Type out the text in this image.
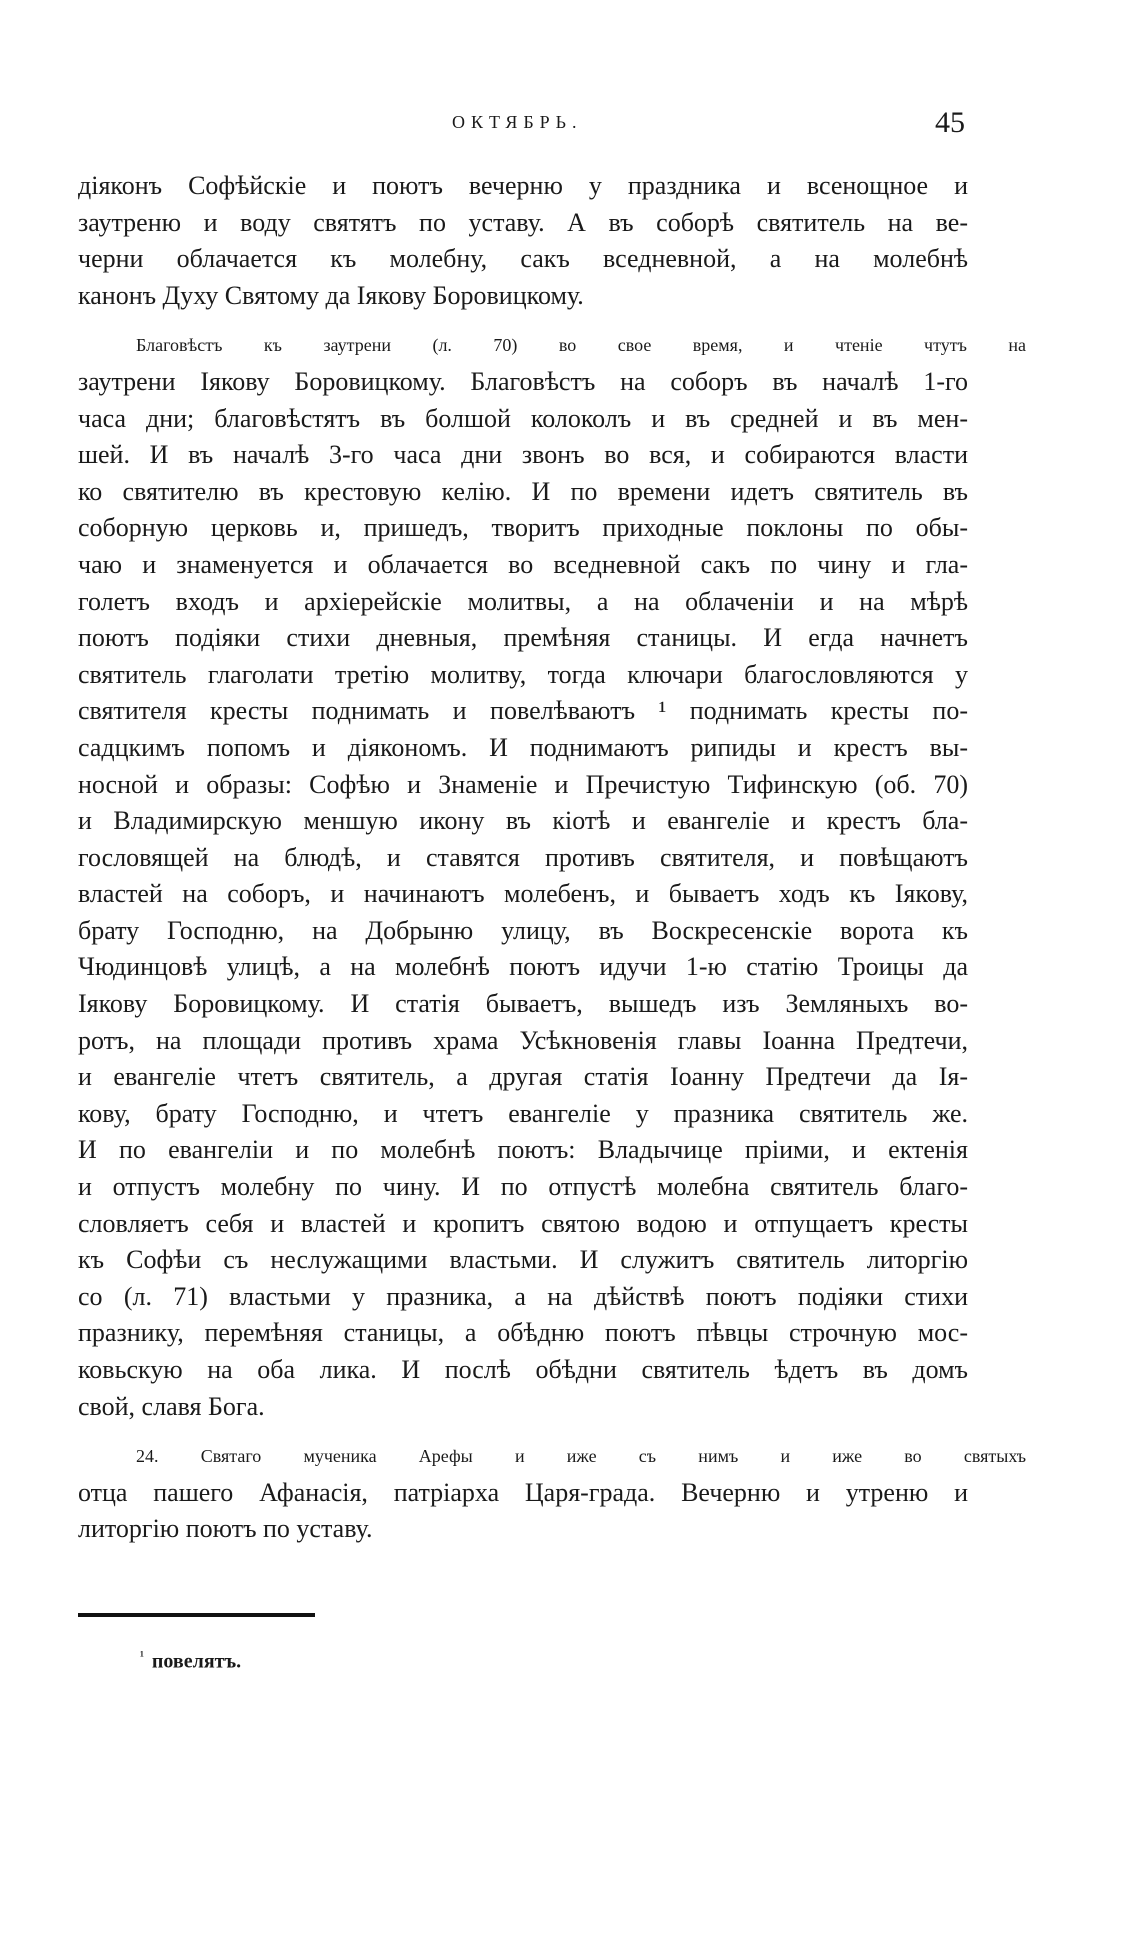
ОКТЯБРЬ.	45
діяконъ Софѣйскіе и поютъ вечерню у праздника и всенощное и
заутреню и воду святятъ по уставу. А въ соборѣ святитель на ве-
черни облачается къ молебну, сакъ вседневной, а на молебнѣ
канонъ Духу Святому да Іякову Боровицкому.
Благовѣстъ къ заутрени (л. 70) во свое время, и чтеніе чтутъ на
заутрени Іякову Боровицкому. Благовѣстъ на соборъ въ началѣ 1-го
часа дни; благовѣстятъ въ болшой колоколъ и въ средней и въ мен-
шей. И въ началѣ 3-го часа дни звонъ во вся, и собираются власти
ко святителю въ крестовую келію. И по времени идетъ святитель въ
соборную церковь и, пришедъ, творитъ приходные поклоны по обы-
чаю и знаменуется и облачается во вседневной сакъ по чину и гла-
голетъ входъ и архіерейскіе молитвы, а на облаченіи и на мѣрѣ
поютъ подіяки стихи дневныя, премѣняя станицы. И егда начнетъ
святитель глаголати третію молитву, тогда ключари благословляются у
святителя кресты поднимать и повелѣваютъ ¹ поднимать кресты по-
садцкимъ попомъ и діякономъ. И поднимаютъ рипиды и крестъ вы-
носной и образы: Софѣю и Знаменіе и Пречистую Тифинскую (об. 70)
и Владимирскую меншую икону въ кіотѣ и евангеліе и крестъ бла-
гословящей на блюдѣ, и ставятся противъ святителя, и повѣщаютъ
властей на соборъ, и начинаютъ молебенъ, и бываетъ ходъ къ Іякову,
брату Господню, на Добрыню улицу, въ Воскресенскіе ворота къ
Чюдинцовѣ улицѣ, а на молебнѣ поютъ идучи 1-ю статію Троицы да
Іякову Боровицкому. И статія бываетъ, вышедъ изъ Земляныхъ во-
ротъ, на площади противъ храма Усѣкновенія главы Іоанна Предтечи,
и евангеліе чтетъ святитель, а другая статія Іоанну Предтечи да Ія-
кову, брату Господню, и чтетъ евангеліе у празника святитель же.
И по евангеліи и по молебнѣ поютъ: Владычице пріими, и ектенія
и отпустъ молебну по чину. И по отпустѣ молебна святитель благо-
словляетъ себя и властей и кропитъ святою водою и отпущаетъ кресты
къ Софѣи съ неслужащими властьми. И служитъ святитель литоргію
со (л. 71) властьми у празника, а на дѣйствѣ поютъ подіяки стихи
празнику, перемѣняя станицы, а обѣдню поютъ пѣвцы строчную мос-
ковьскую на оба лика. И послѣ обѣдни святитель ѣдетъ въ домъ
свой, славя Бога.
24. Святаго мученика Арефы и иже съ нимъ и иже во святыхъ
отца пашего Афанасія, патріарха Царя-града. Вечерню и утреню и
литоргію поютъ по уставу.
$^{^1}$ повелятъ.
